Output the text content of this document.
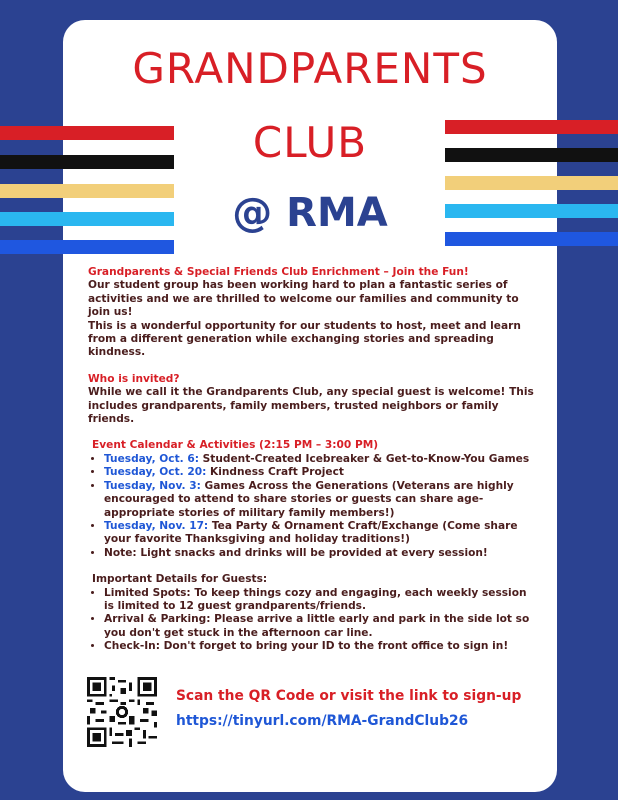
GRANDPARENTS
CLUB
@ RMA

Grandparents & Special Friends Club Enrichment – Join the Fun!

Our student group has been working hard to plan a fantastic series of activities and we are thrilled to welcome our families and community to join us!

This is a wonderful opportunity for our students to host, meet and learn from a different generation while exchanging stories and spreading kindness.

Who is invited?

While we call it the Grandparents Club, any special guest is welcome! This includes grandparents, family members, trusted neighbors or family friends.

Event Calendar & Activities (2:15 PM – 3:00 PM)

• Tuesday, Oct. 6: Student-Created Icebreaker & Get-to-Know-You Games
• Tuesday, Oct. 20: Kindness Craft Project
• Tuesday, Nov. 3: Games Across the Generations (Veterans are highly encouraged to attend to share stories or guests can share age-appropriate stories of military family members!)
• Tuesday, Nov. 17: Tea Party & Ornament Craft/Exchange (Come share your favorite Thanksgiving and holiday traditions!)
• Note: Light snacks and drinks will be provided at every session!

Important Details for Guests:

• Limited Spots: To keep things cozy and engaging, each weekly session is limited to 12 guest grandparents/friends.
• Arrival & Parking: Please arrive a little early and park in the side lot so you don't get stuck in the afternoon car line.
• Check-In: Don't forget to bring your ID to the front office to sign in!
Scan the QR Code or visit the link to sign-up
https://tinyurl.com/RMA-GrandClub26
